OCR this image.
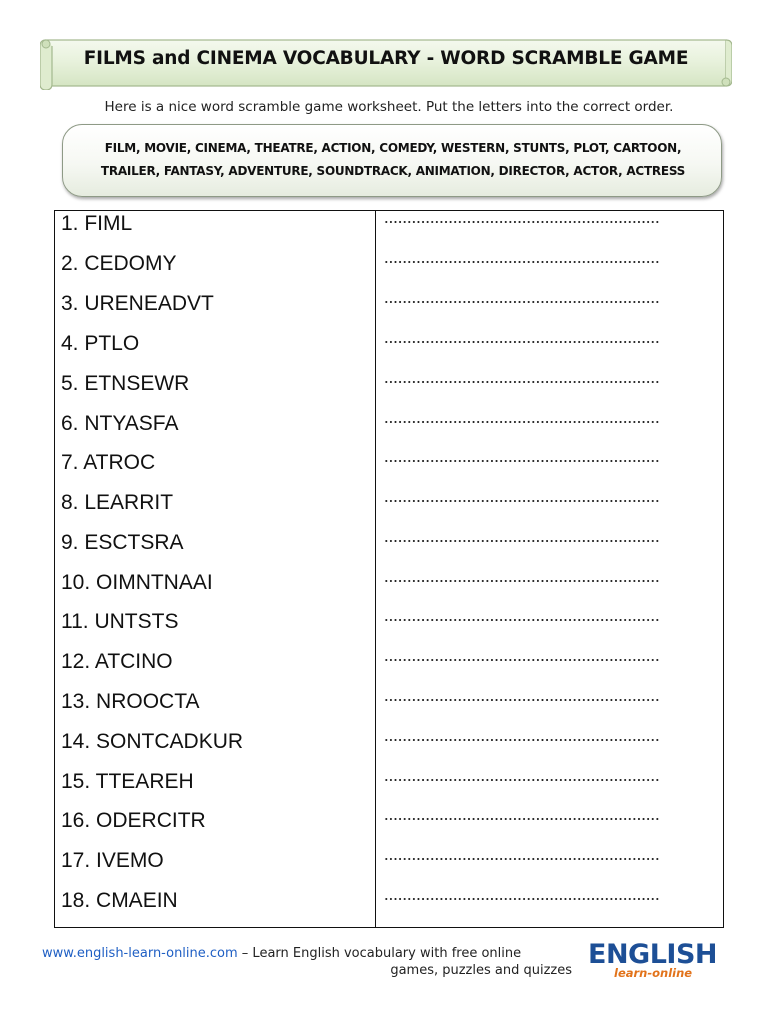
FILMS and CINEMA VOCABULARY - WORD SCRAMBLE GAME
Here is a nice word scramble game worksheet. Put the letters into the correct order.
FILM, MOVIE, CINEMA, THEATRE, ACTION, COMEDY, WESTERN, STUNTS, PLOT, CARTOON,
TRAILER, FANTASY, ADVENTURE, SOUNDTRACK, ANIMATION, DIRECTOR, ACTOR, ACTRESS
1. FIML
2. CEDOMY
3. URENEADVT
4. PTLO
5. ETNSEWR
6. NTYASFA
7. ATROC
8. LEARRIT
9. ESCTSRA
10. OIMNTNAAI
11. UNTSTS
12. ATCINO
13. NROOCTA
14. SONTCADKUR
15. TTEAREH
16. ODERCITR
17. IVEMO
18. CMAEIN
www.english-learn-online.com – Learn English vocabulary with free online
games, puzzles and quizzes
ENGLISH
learn-online
